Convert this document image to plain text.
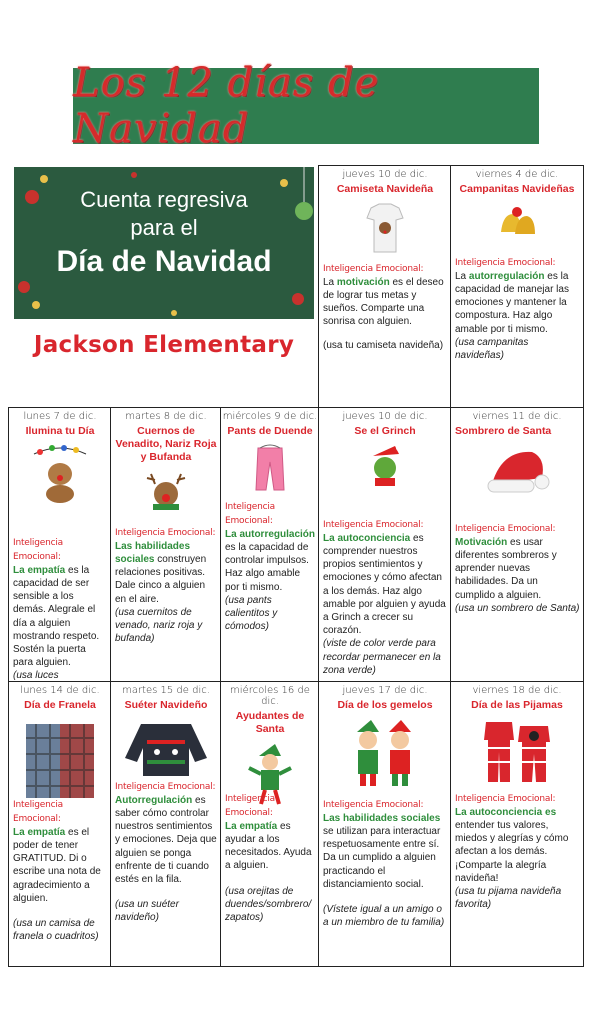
Los 12 días de Navidad
Cuenta regresiva
para el
Día de Navidad
Jackson Elementary
jueves 10 de dic.
Camiseta Navideña
Inteligencia Emocional:
La motivación es el deseo de lograr tus metas y sueños. Comparte una sonrisa con alguien.
(usa tu camiseta navideña)
viernes 4 de dic.
Campanitas Navideñas
Inteligencia Emocional:
La autorregulación es la capacidad de manejar las emociones y mantener la compostura. Haz algo amable por ti mismo.
(usa campanitas navideñas)
lunes 7 de dic.
Ilumina tu Día
Inteligencia Emocional:
La empatía es la capacidad de ser sensible a los demás. Alegrale el día a alguien mostrando respeto. Sostén la puerta para alguien.
(usa luces
martes 8 de dic.
Cuernos de Venadito, Nariz Roja y Bufanda
Inteligencia Emocional:
Las habilidades sociales construyen relaciones positivas. Dale cinco a alguien en el aire.
(usa cuernitos de venado, nariz roja y bufanda)
miércoles 9 de dic.
Pants de Duende
Inteligencia Emocional:
La autorregulación es la capacidad de controlar impulsos. Haz algo amable por ti mismo.
(usa pants calientitos y cómodos)
jueves 10 de dic.
Se el Grinch
Inteligencia Emocional:
La autoconciencia es comprender nuestros propios sentimientos y emociones y cómo afectan a los demás. Haz algo amable por alguien y ayuda a Grinch a crecer su corazón.
(viste de color verde para recordar permanecer en la zona verde)
viernes 11 de dic.
Sombrero de Santa
Inteligencia Emocional:
Motivación es usar diferentes sombreros y aprender nuevas habilidades. Da un cumplido a alguien.
(usa un sombrero de Santa)
lunes 14 de dic.
Día de Franela
Inteligencia Emocional:
La empatía es el poder de tener GRATITUD. Di o escribe una nota de agradecimiento a alguien.
(usa un camisa de franela o cuadritos)
martes 15 de dic.
Suéter Navideño
Inteligencia Emocional:
Autorregulación es saber cómo controlar nuestros sentimientos y emociones. Deja que alguien se ponga enfrente de ti cuando estés en la fila.
(usa un suéter navideño)
miércoles 16 de dic.
Ayudantes de Santa
Inteligencia Emocional:
La empatía es ayudar a los necesitados. Ayuda a alguien.
(usa orejitas de duendes/sombrero/ zapatos)
jueves 17 de dic.
Día de los gemelos
Inteligencia Emocional:
Las habilidades sociales se utilizan para interactuar respetuosamente entre sí. Da un cumplido a alguien practicando el distanciamiento social.
(Vístete igual a un amigo o a un miembro de tu familia)
viernes 18 de dic.
Día de las Pijamas
Inteligencia Emocional:
La autoconciencia es entender tus valores, miedos y alegrías y cómo afectan a los demás. ¡Comparte la alegría navideña!
(usa tu pijama navideña favorita)
